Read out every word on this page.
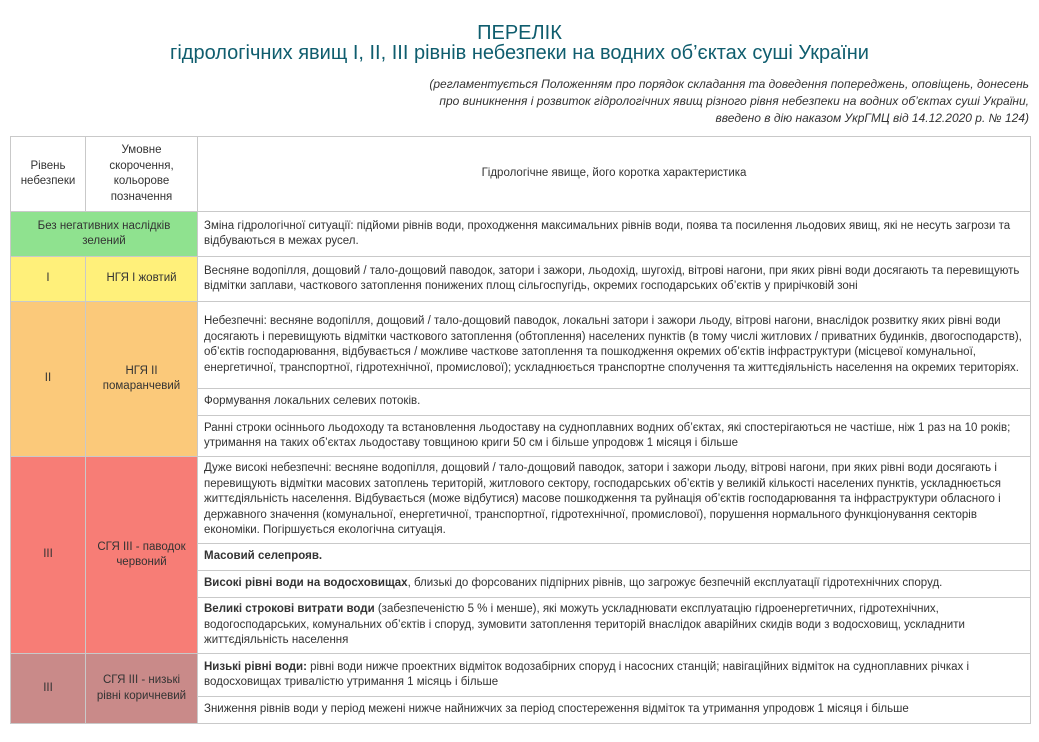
ПЕРЕЛІК
гідрологічних явищ І, ІІ, ІІІ рівнів небезпеки на водних об’єктах суші України
(регламентується Положенням про порядок складання та доведення попереджень, оповіщень, донесень
про виникнення і розвиток гідрологічних явищ різного рівня небезпеки на водних об’єктах суші України,
введено в дію наказом УкрГМЦ від 14.12.2020 р. № 124)
Рівень небезпеки	Умовне скорочення, кольорове позначення	Гідрологічне явище, його коротка характеристика
Без негативних наслідків зелений		Зміна гідрологічної ситуації: підйоми рівнів води, проходження максимальних рівнів води, поява та посилення льодових явищ, які не несуть загрози та відбуваються в межах русел.
I	НГЯ I жовтий	Весняне водопілля, дощовий / тало-дощовий паводок, затори і зажори, льодохід, шугохід, вітрові нагони, при яких рівні води досягають та перевищують відмітки заплави, часткового затоплення понижених площ сільгоспугідь, окремих господарських об’єктів у прирічковій зоні
II	НГЯ II помаранчевий	Небезпечні: весняне водопілля, дощовий / тало-дощовий паводок, локальні затори і зажори льоду, вітрові нагони, внаслідок розвитку яких рівні води досягають і перевищують відмітки часткового затоплення (обтоплення) населених пунктів (в тому числі житлових / приватних будинків, двогосподарств), об’єктів господарювання, відбувається / можливе часткове затоплення та пошкодження окремих об’єктів інфраструктури (місцевої комунальної, енергетичної, транспортної, гідротехнічної, промислової); ускладнюється транспортне сполучення та життєдіяльність населення на окремих територіях.
		Формування локальних селевих потоків.
		Ранні строки осіннього льодоходу та встановлення льодоставу на судноплавних водних об’єктах, які спостерігаються не частіше, ніж 1 раз на 10 років; утримання на таких об’єктах льодоставу товщиною криги 50 см і більше упродовж 1 місяця і більше
III	СГЯ III - паводок червоний	Дуже високі небезпечні: весняне водопілля, дощовий / тало-дощовий паводок, затори і зажори льоду, вітрові нагони, при яких рівні води досягають і перевищують відмітки масових затоплень територій, житлового сектору, господарських об’єктів у великій кількості населених пунктів, ускладнюється життєдіяльність населення. Відбувається (може відбутися) масове пошкодження та руйнація об’єктів господарювання та інфраструктури обласного і державного значення (комунальної, енергетичної, транспортної, гідротехнічної, промислової), порушення нормального функціонування секторів економіки. Погіршується екологічна ситуація.
		Масовий селепрояв.
		Високі рівні води на водосховищах, близькі до форсованих підпірних рівнів, що загрожує безпечній експлуатації гідротехнічних споруд.
		Великі строкові витрати води (забезпеченістю 5 % і менше), які можуть ускладнювати експлуатацію гідроенергетичних, гідротехнічних, водогосподарських, комунальних об’єктів і споруд, зумовити затоплення територій внаслідок аварійних скидів води з водосховищ, ускладнити життєдіяльність населення
III	СГЯ III - низькі рівні коричневий	Низькі рівні води: рівні води нижче проектних відміток водозабірних споруд і насосних станцій; навігаційних відміток на судноплавних річках і водосховищах тривалістю утримання 1 місяць і більше
		Зниження рівнів води у період межені нижче найнижчих за період спостереження відміток та утримання упродовж 1 місяця і більше
